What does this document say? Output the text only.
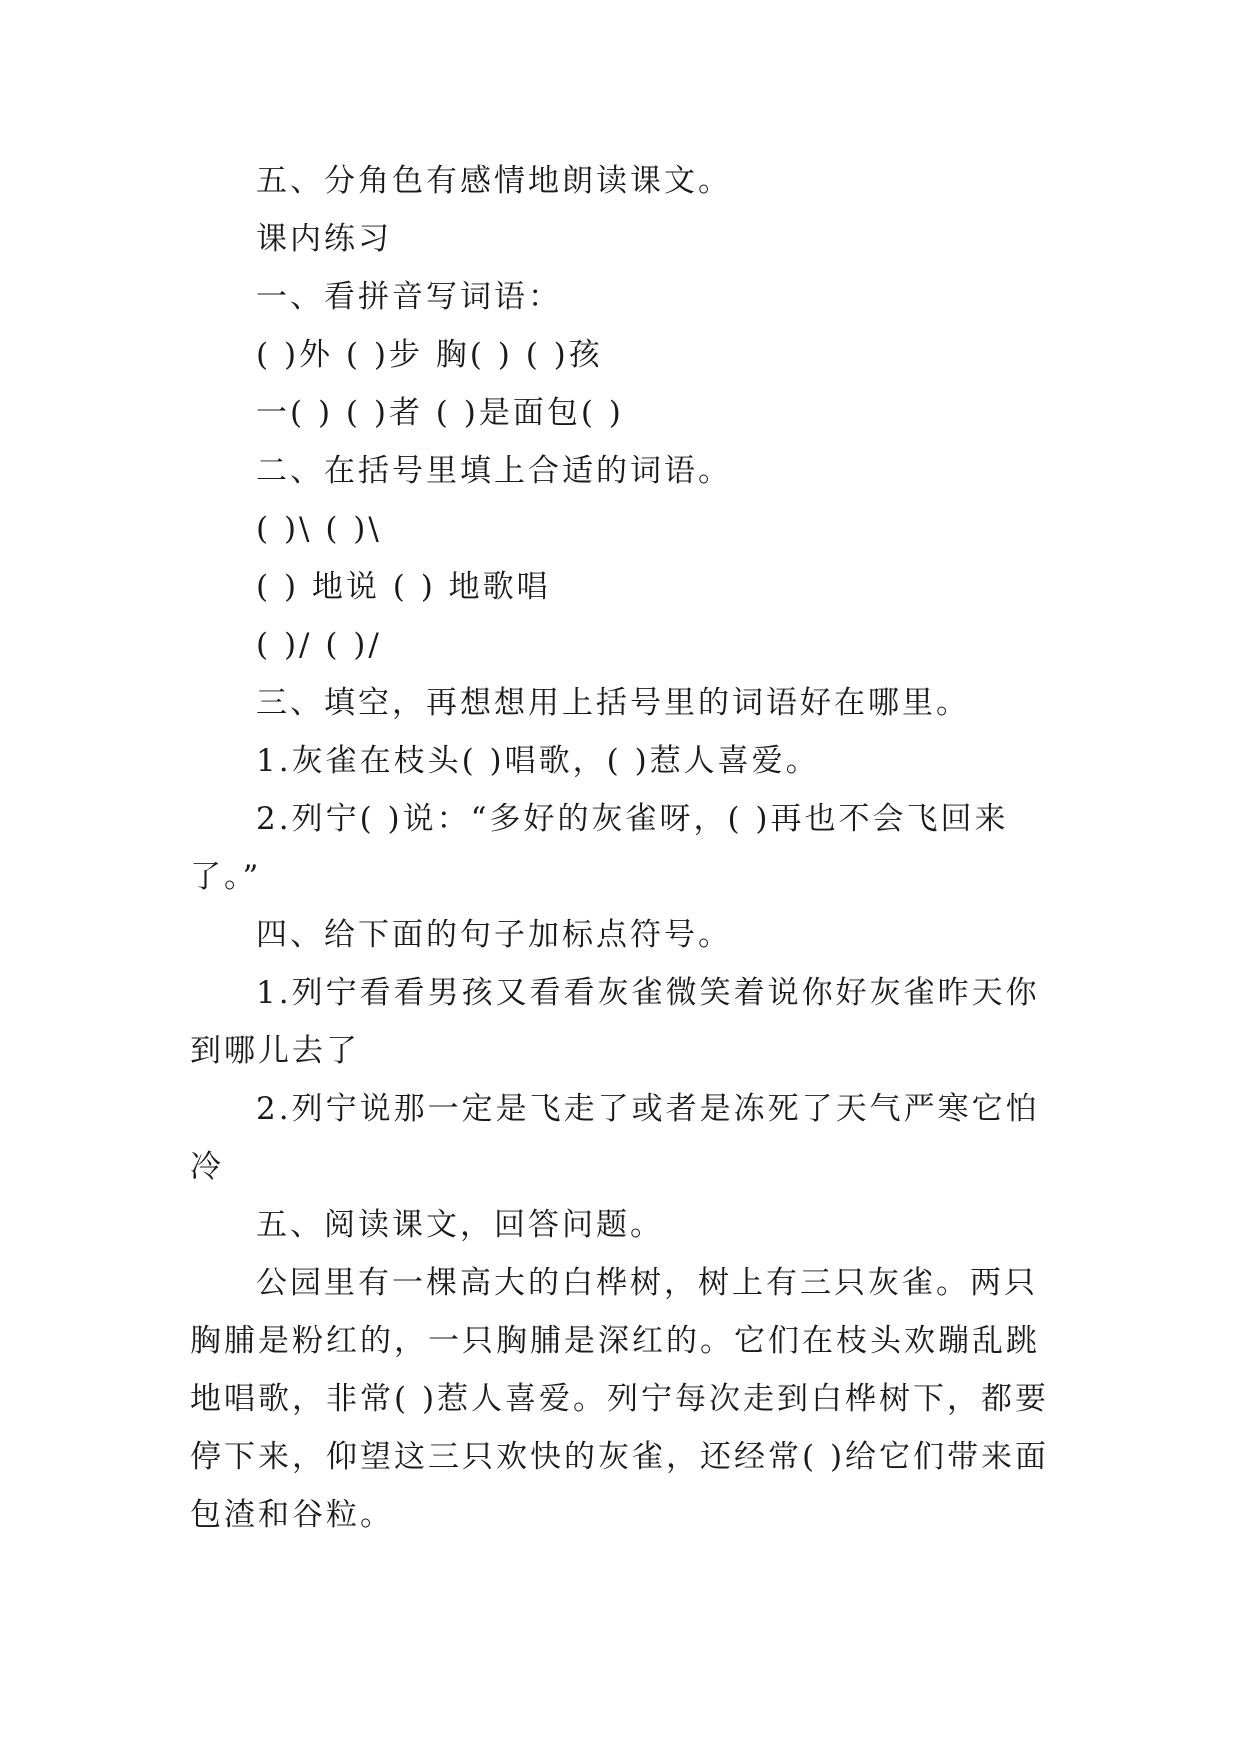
五、分角色有感情地朗读课文。

课内练习

一、看拼音写词语：

( )外 ( )步 胸( ) ( )孩

一( ) ( )者 ( )是面包( )

二、在括号里填上合适的词语。

( )\ ( )\

( ) 地说 ( ) 地歌唱

( )/ ( )/

三、填空，再想想用上括号里的词语好在哪里。

1.灰雀在枝头( )唱歌，( )惹人喜爱。

2.列宁( )说：“多好的灰雀呀，( )再也不会飞回来了。”

四、给下面的句子加标点符号。

1.列宁看看男孩又看看灰雀微笑着说你好灰雀昨天你到哪儿去了

2.列宁说那一定是飞走了或者是冻死了天气严寒它怕冷

五、阅读课文，回答问题。

公园里有一棵高大的白桦树，树上有三只灰雀。两只胸脯是粉红的，一只胸脯是深红的。它们在枝头欢蹦乱跳地唱歌，非常( )惹人喜爱。列宁每次走到白桦树下，都要停下来，仰望这三只欢快的灰雀，还经常( )给它们带来面包渣和谷粒。
